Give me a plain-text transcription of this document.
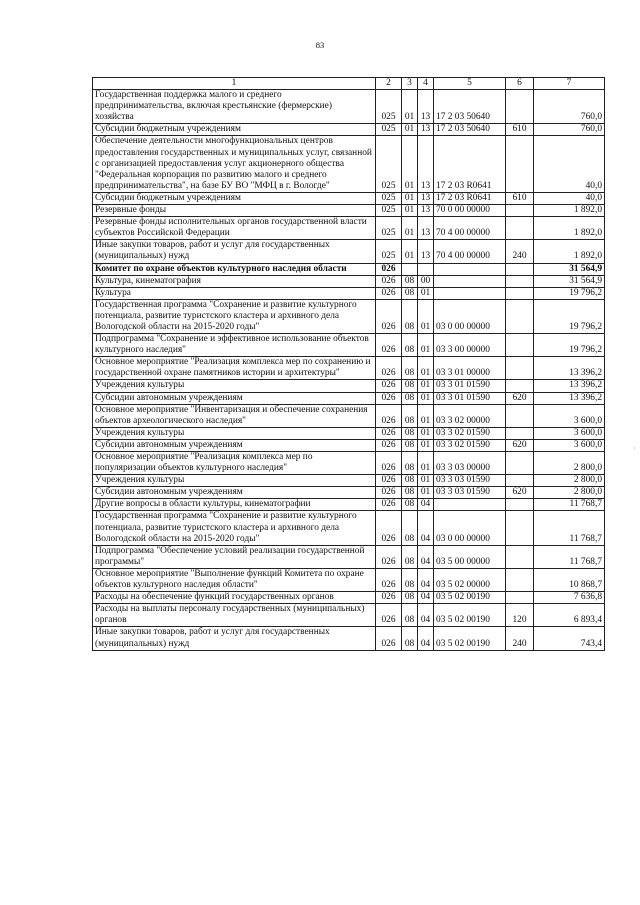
83
1	2	3	4	5	6	7
Государственная поддержка малого и среднего предпринимательства, включая крестьянские (фермерские) хозяйства	025	01	13	17 2 03 50640		760,0
Субсидии бюджетным учреждениям	025	01	13	17 2 03 50640	610	760,0
Обеспечение деятельности многофункциональных центров предоставления государственных и муниципальных услуг, связанной с организацией предоставления услуг акционерного общества "Федеральная корпорация по развитию малого и среднего предпринимательства", на базе БУ ВО "МФЦ в г. Вологде"	025	01	13	17 2 03 R0641		40,0
Субсидии бюджетным учреждениям	025	01	13	17 2 03 R0641	610	40,0
Резервные фонды	025	01	13	70 0 00 00000		1 892,0
Резервные фонды исполнительных органов государственной власти субъектов Российской Федерации	025	01	13	70 4 00 00000		1 892,0
Иные закупки товаров, работ и услуг для государственных (муниципальных) нужд	025	01	13	70 4 00 00000	240	1 892,0
Комитет по охране объектов культурного наследия области	026					31 564,9
Культура, кинематография	026	08	00			31 564,9
Культура	026	08	01			19 796,2
Государственная программа "Сохранение и развитие культурного потенциала, развитие туристского кластера и архивного дела Вологодской области на 2015-2020 годы"	026	08	01	03 0 00 00000		19 796,2
Подпрограмма "Сохранение и эффективное использование объектов культурного наследия"	026	08	01	03 3 00 00000		19 796,2
Основное мероприятие "Реализация комплекса мер по сохранению и государственной охране памятников истории и архитектуры"	026	08	01	03 3 01 00000		13 396,2
Учреждения культуры	026	08	01	03 3 01 01590		13 396,2
Субсидии автономным учреждениям	026	08	01	03 3 01 01590	620	13 396,2
Основное мероприятие "Инвентаризация и обеспечение сохранения объектов археологического наследия"	026	08	01	03 3 02 00000		3 600,0
Учреждения культуры	026	08	01	03 3 02 01590		3 600,0
Субсидии автономным учреждениям	026	08	01	03 3 02 01590	620	3 600,0
Основное мероприятие "Реализация комплекса мер по популяризации объектов культурного наследия"	026	08	01	03 3 03 00000		2 800,0
Учреждения культуры	026	08	01	03 3 03 01590		2 800,0
Субсидии автономным учреждениям	026	08	01	03 3 03 01590	620	2 800,0
Другие вопросы в области культуры, кинематографии	026	08	04			11 768,7
Государственная программа "Сохранение и развитие культурного потенциала, развитие туристского кластера и архивного дела Вологодской области на 2015-2020 годы"	026	08	04	03 0 00 00000		11 768,7
Подпрограмма "Обеспечение условий реализации государственной программы"	026	08	04	03 5 00 00000		11 768,7
Основное мероприятие "Выполнение функций Комитета по охране объектов культурного наследия области"	026	08	04	03 5 02 00000		10 868,7
Расходы на обеспечение функций государственных органов	026	08	04	03 5 02 00190		7 636,8
Расходы на выплаты персоналу государственных (муниципальных) органов	026	08	04	03 5 02 00190	120	6 893,4
Иные закупки товаров, работ и услуг для государственных (муниципальных) нужд	026	08	04	03 5 02 00190	240	743,4
·
